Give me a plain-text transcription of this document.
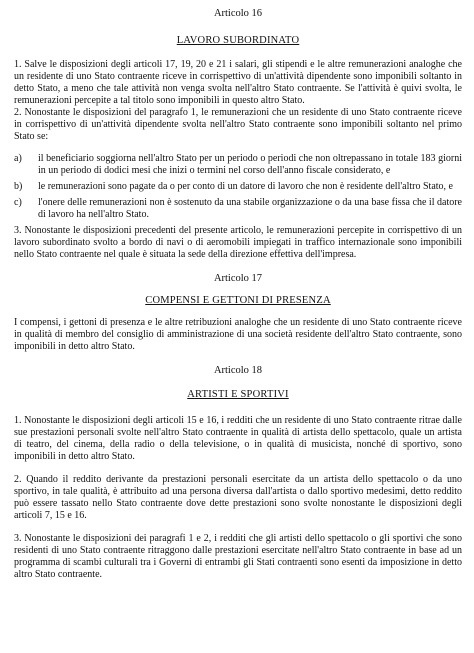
Articolo 16
LAVORO SUBORDINATO

1. Salve le disposizioni degli articoli 17, 19, 20 e 21 i salari, gli stipendi e le altre remunerazioni analoghe che un residente di uno Stato contraente riceve in corrispettivo di un'attività dipendente sono imponibili soltanto in detto Stato, a meno che tale attività non venga svolta nell'altro Stato contraente. Se l'attività è quivi svolta, le remunerazioni percepite a tal titolo sono imponibili in questo altro Stato.

2. Nonostante le disposizioni del paragrafo 1, le remunerazioni che un residente di uno Stato contraente riceve in corrispettivo di un'attività dipendente svolta nell'altro Stato contraente sono imponibili soltanto nel primo Stato se:

a) il beneficiario soggiorna nell'altro Stato per un periodo o periodi che non oltrepassano in totale 183 giorni in un periodo di dodici mesi che inizi o termini nel corso dell'anno fiscale considerato, e
b) le remunerazioni sono pagate da o per conto di un datore di lavoro che non è residente dell'altro Stato, e
c) l'onere delle remunerazioni non è sostenuto da una stabile organizzazione o da una base fissa che il datore di lavoro ha nell'altro Stato.

3. Nonostante le disposizioni precedenti del presente articolo, le remunerazioni percepite in corrispettivo di un lavoro subordinato svolto a bordo di navi o di aeromobili impiegati in traffico internazionale sono imponibili nello Stato contraente nel quale è situata la sede della direzione effettiva dell'impresa.

Articolo 17
COMPENSI E GETTONI DI PRESENZA

I compensi, i gettoni di presenza e le altre retribuzioni analoghe che un residente di uno Stato contraente riceve in qualità di membro del consiglio di amministrazione di una società residente dell'altro Stato contraente, sono imponibili in detto altro Stato.

Articolo 18
ARTISTI E SPORTIVI

1. Nonostante le disposizioni degli articoli 15 e 16, i redditi che un residente di uno Stato contraente ritrae dalle sue prestazioni personali svolte nell'altro Stato contraente in qualità di artista dello spettacolo, quale un artista di teatro, del cinema, della radio o della televisione, o in qualità di musicista, nonché di sportivo, sono imponibili in detto altro Stato.

2. Quando il reddito derivante da prestazioni personali esercitate da un artista dello spettacolo o da uno sportivo, in tale qualità, è attribuito ad una persona diversa dall'artista o dallo sportivo medesimi, detto reddito può essere tassato nello Stato contraente dove dette prestazioni sono svolte nonostante le disposizioni degli articoli 7, 15 e 16.

3. Nonostante le disposizioni dei paragrafi 1 e 2, i redditi che gli artisti dello spettacolo o gli sportivi che sono residenti di uno Stato contraente ritraggono dalle prestazioni esercitate nell'altro Stato contraente in base ad un programma di scambi culturali tra i Governi di entrambi gli Stati contraenti sono esenti da imposizione in detto altro Stato contraente.
